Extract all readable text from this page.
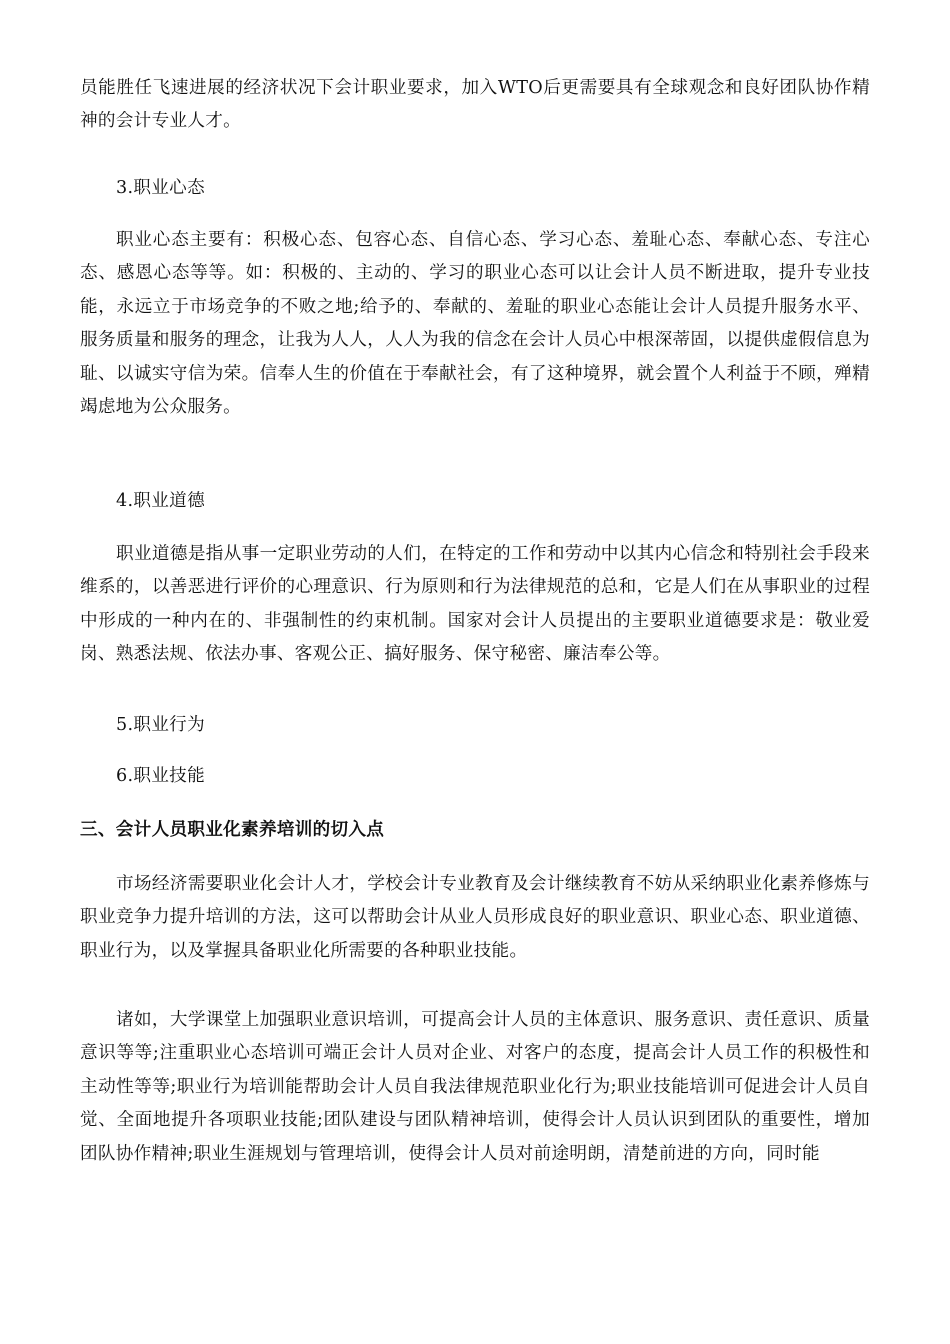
员能胜任飞速进展的经济状况下会计职业要求，加入WTO后更需要具有全球观念和良好团队协作精神的会计专业人才。

3.职业心态

职业心态主要有：积极心态、包容心态、自信心态、学习心态、羞耻心态、奉献心态、专注心态、感恩心态等等。如：积极的、主动的、学习的职业心态可以让会计人员不断进取，提升专业技能，永远立于市场竞争的不败之地;给予的、奉献的、羞耻的职业心态能让会计人员提升服务水平、服务质量和服务的理念，让我为人人，人人为我的信念在会计人员心中根深蒂固，以提供虚假信息为耻、以诚实守信为荣。信奉人生的价值在于奉献社会，有了这种境界，就会置个人利益于不顾，殚精竭虑地为公众服务。

4.职业道德

职业道德是指从事一定职业劳动的人们，在特定的工作和劳动中以其内心信念和特别社会手段来维系的，以善恶进行评价的心理意识、行为原则和行为法律规范的总和，它是人们在从事职业的过程中形成的一种内在的、非强制性的约束机制。国家对会计人员提出的主要职业道德要求是：敬业爱岗、熟悉法规、依法办事、客观公正、搞好服务、保守秘密、廉洁奉公等。

5.职业行为

6.职业技能

三、会计人员职业化素养培训的切入点

市场经济需要职业化会计人才，学校会计专业教育及会计继续教育不妨从采纳职业化素养修炼与职业竞争力提升培训的方法，这可以帮助会计从业人员形成良好的职业意识、职业心态、职业道德、职业行为，以及掌握具备职业化所需要的各种职业技能。

诸如，大学课堂上加强职业意识培训，可提高会计人员的主体意识、服务意识、责任意识、质量意识等等;注重职业心态培训可端正会计人员对企业、对客户的态度，提高会计人员工作的积极性和主动性等等;职业行为培训能帮助会计人员自我法律规范职业化行为;职业技能培训可促进会计人员自觉、全面地提升各项职业技能;团队建设与团队精神培训，使得会计人员认识到团队的重要性，增加团队协作精神;职业生涯规划与管理培训，使得会计人员对前途明朗，清楚前进的方向，同时能
